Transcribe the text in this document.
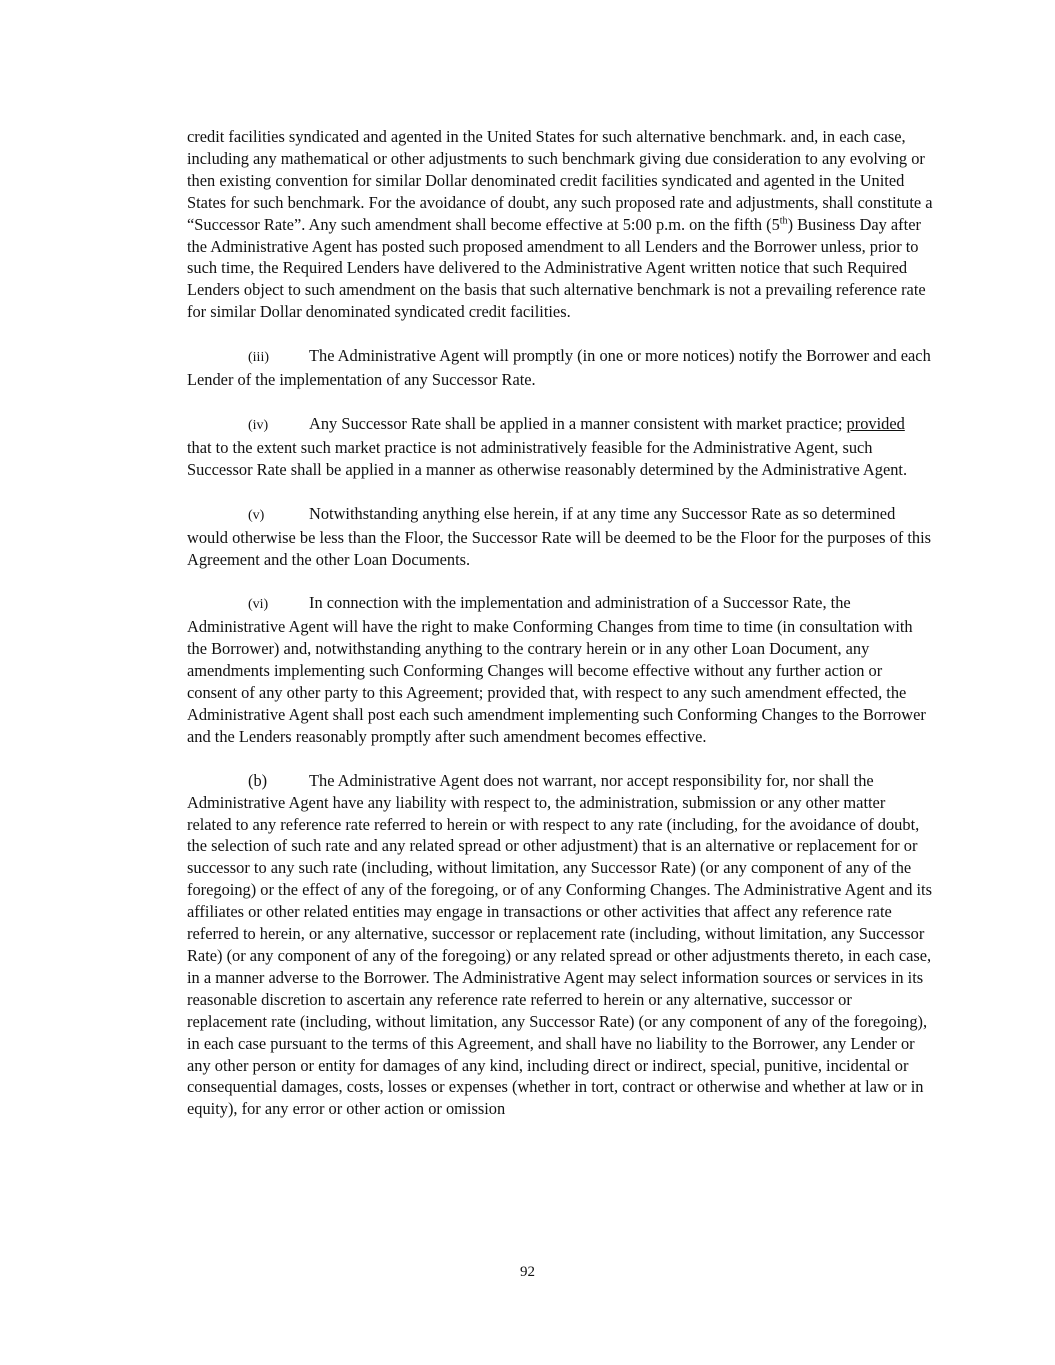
credit facilities syndicated and agented in the United States for such alternative benchmark. and, in each case, including any mathematical or other adjustments to such benchmark giving due consideration to any evolving or then existing convention for similar Dollar denominated credit facilities syndicated and agented in the United States for such benchmark. For the avoidance of doubt, any such proposed rate and adjustments, shall constitute a “Successor Rate”. Any such amendment shall become effective at 5:00 p.m. on the fifth (5th) Business Day after the Administrative Agent has posted such proposed amendment to all Lenders and the Borrower unless, prior to such time, the Required Lenders have delivered to the Administrative Agent written notice that such Required Lenders object to such amendment on the basis that such alternative benchmark is not a prevailing reference rate for similar Dollar denominated syndicated credit facilities.

(iii) The Administrative Agent will promptly (in one or more notices) notify the Borrower and each Lender of the implementation of any Successor Rate.

(iv) Any Successor Rate shall be applied in a manner consistent with market practice; provided that to the extent such market practice is not administratively feasible for the Administrative Agent, such Successor Rate shall be applied in a manner as otherwise reasonably determined by the Administrative Agent.

(v)	Notwithstanding anything else herein, if at any time any Successor Rate as so determined would otherwise be less than the Floor, the Successor Rate will be deemed to be the Floor for the purposes of this Agreement and the other Loan Documents.

(vi) In connection with the implementation and administration of a Successor Rate, the Administrative Agent will have the right to make Conforming Changes from time to time (in consultation with the Borrower) and, notwithstanding anything to the contrary herein or in any other Loan Document, any amendments implementing such Conforming Changes will become effective without any further action or consent of any other party to this Agreement; provided that, with respect to any such amendment effected, the Administrative Agent shall post each such amendment implementing such Conforming Changes to the Borrower and the Lenders reasonably promptly after such amendment becomes effective.

(b)	The Administrative Agent does not warrant, nor accept responsibility for, nor shall the Administrative Agent have any liability with respect to, the administration, submission or any other matter related to any reference rate referred to herein or with respect to any rate (including, for the avoidance of doubt, the selection of such rate and any related spread or other adjustment) that is an alternative or replacement for or successor to any such rate (including, without limitation, any Successor Rate) (or any component of any of the foregoing) or the effect of any of the foregoing, or of any Conforming Changes. The Administrative Agent and its affiliates or other related entities may engage in transactions or other activities that affect any reference rate referred to herein, or any alternative, successor or replacement rate (including, without limitation, any Successor Rate) (or any component of any of the foregoing) or any related spread or other adjustments thereto, in each case, in a manner adverse to the Borrower. The Administrative Agent may select information sources or services in its reasonable discretion to ascertain any reference rate referred to herein or any alternative, successor or replacement rate (including, without limitation, any Successor Rate) (or any component of any of the foregoing), in each case pursuant to the terms of this Agreement, and shall have no liability to the Borrower, any Lender or any other person or entity for damages of any kind, including direct or indirect, special, punitive, incidental or consequential damages, costs, losses or expenses (whether in tort, contract or otherwise and whether at law or in equity), for any error or other action or omission

92
